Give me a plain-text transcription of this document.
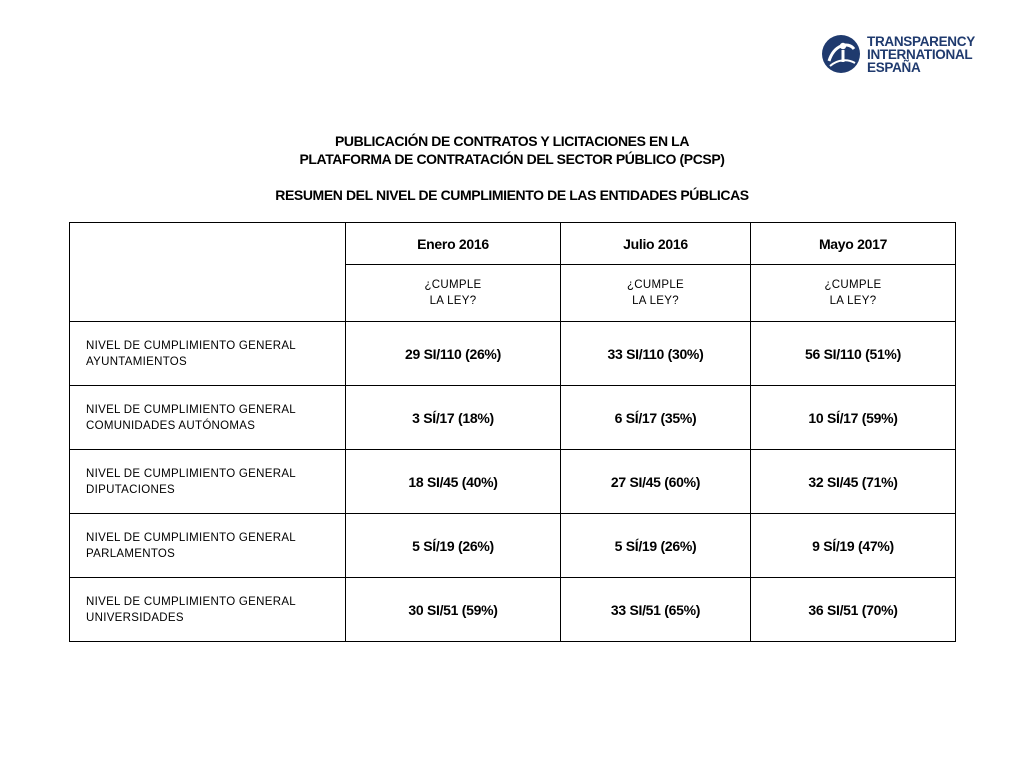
TRANSPARENCY
INTERNATIONAL
ESPAÑA
PUBLICACIÓN DE CONTRATOS Y LICITACIONES EN LA
PLATAFORMA DE CONTRATACIÓN DEL SECTOR PÚBLICO (PCSP)
RESUMEN DEL NIVEL DE CUMPLIMIENTO DE LAS ENTIDADES PÚBLICAS
	Enero 2016	Julio 2016	Mayo 2017

	¿CUMPLE
LA LEY?	¿CUMPLE
LA LEY?	¿CUMPLE
LA LEY?

NIVEL DE CUMPLIMIENTO GENERAL
AYUNTAMIENTOS	29 SI/110 (26%)	33 SI/110 (30%)	56 SI/110 (51%)

NIVEL DE CUMPLIMIENTO GENERAL
COMUNIDADES AUTÓNOMAS	3 SÍ/17 (18%)	6 SÍ/17 (35%)	10 SÍ/17 (59%)

NIVEL DE CUMPLIMIENTO GENERAL
DIPUTACIONES	18 SI/45 (40%)	27 SI/45 (60%)	32 SI/45 (71%)

NIVEL DE CUMPLIMIENTO GENERAL
PARLAMENTOS	5 SÍ/19 (26%)	5 SÍ/19 (26%)	9 SÍ/19 (47%)

NIVEL DE CUMPLIMIENTO GENERAL
UNIVERSIDADES	30 SI/51 (59%)	33 SI/51 (65%)	36 SI/51 (70%)
